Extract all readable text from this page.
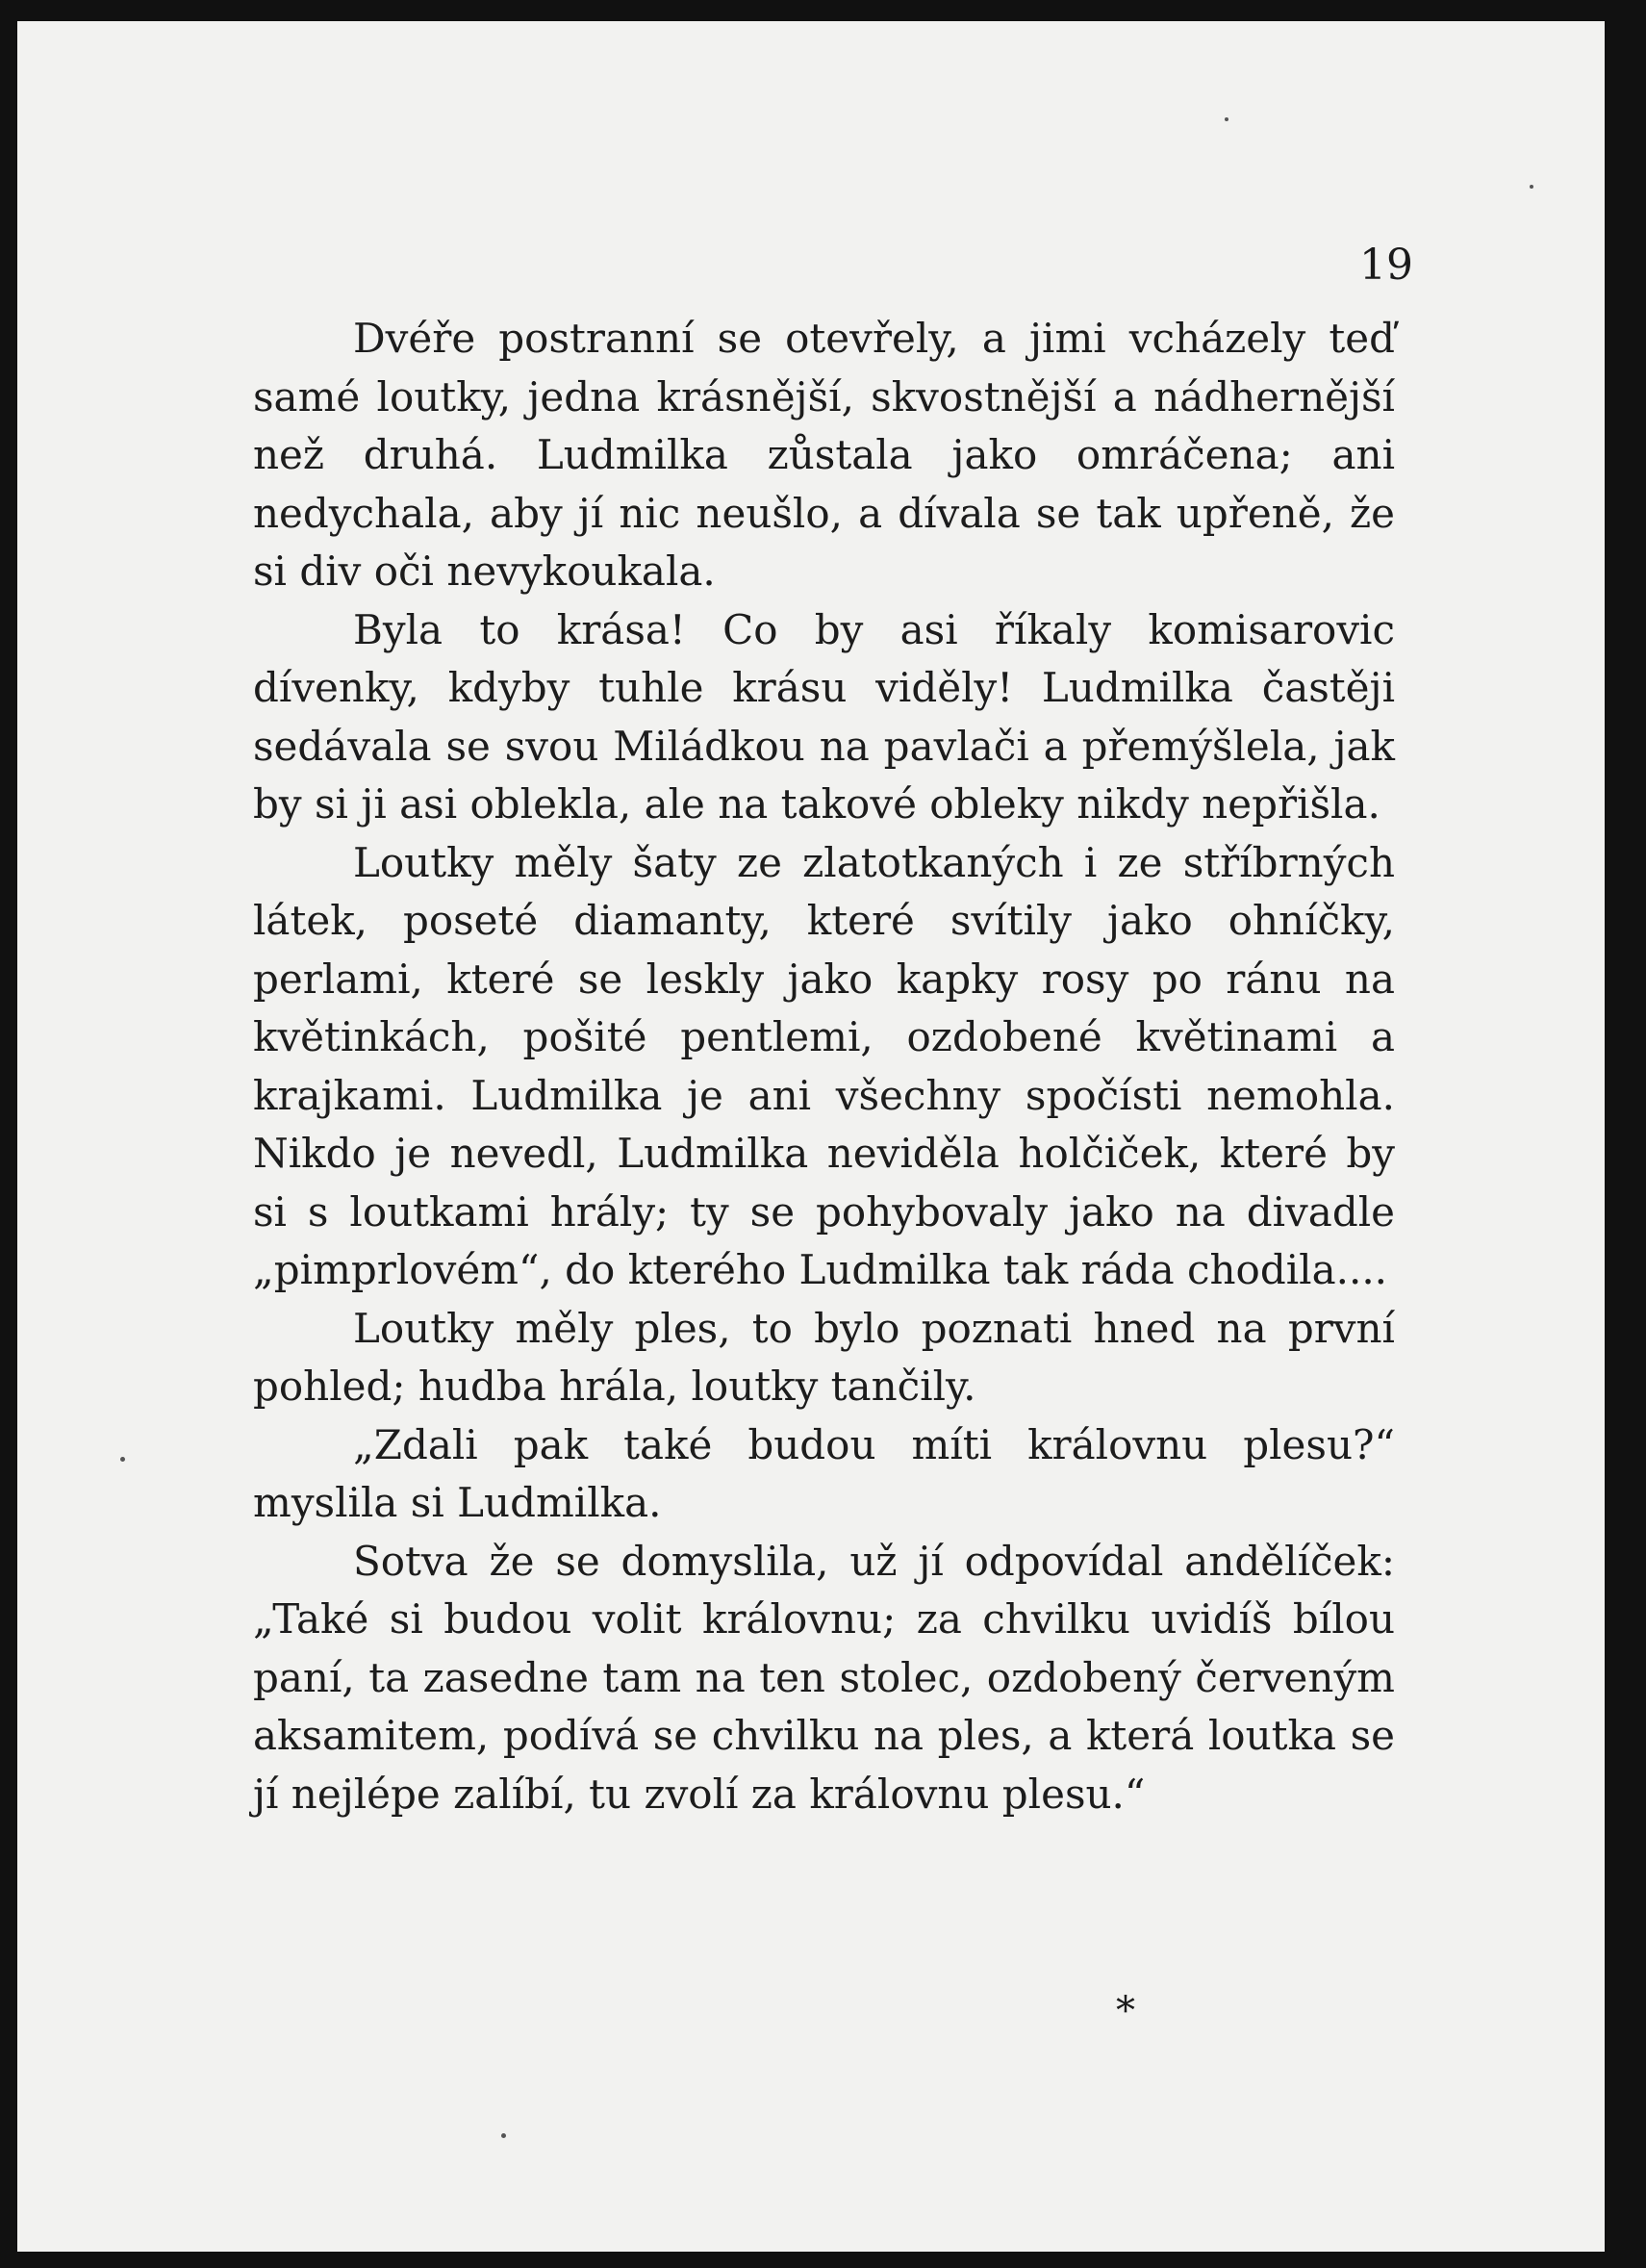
19

Dvéře postranní se otevřely, a jimi vcházely teď samé loutky, jedna krásnější, skvostnější a nádhernější než druhá. Ludmilka zůstala jako omráčena; ani nedychala, aby jí nic neušlo, a dívala se tak upřeně, že si div oči nevykoukala.

Byla to krása! Co by asi říkaly komisarovic dívenky, kdyby tuhle krásu viděly! Ludmilka častěji sedávala se svou Miládkou na pavlači a přemýšlela, jak by si ji asi oblekla, ale na takové obleky nikdy nepřišla.

Loutky měly šaty ze zlatotkaných i ze stříbrných látek, poseté diamanty, které svítily jako ohníčky, perlami, které se leskly jako kapky rosy po ránu na květinkách, pošité pentlemi, ozdobené květinami a krajkami. Ludmilka je ani všechny spočísti nemohla. Nikdo je nevedl, Ludmilka neviděla holčiček, které by si s loutkami hrály; ty se pohybovaly jako na divadle „pimprlovém“, do kterého Ludmilka tak ráda chodila....

Loutky měly ples, to bylo poznati hned na první pohled; hudba hrála, loutky tančily.

„Zdali pak také budou míti královnu plesu?“ myslila si Ludmilka.

Sotva že se domyslila, už jí odpovídal andělíček: „Také si budou volit královnu; za chvilku uvidíš bílou paní, ta zasedne tam na ten stolec, ozdobený červeným aksamitem, podívá se chvilku na ples, a která loutka se jí nejlépe zalíbí, tu zvolí za královnu plesu.“

*
